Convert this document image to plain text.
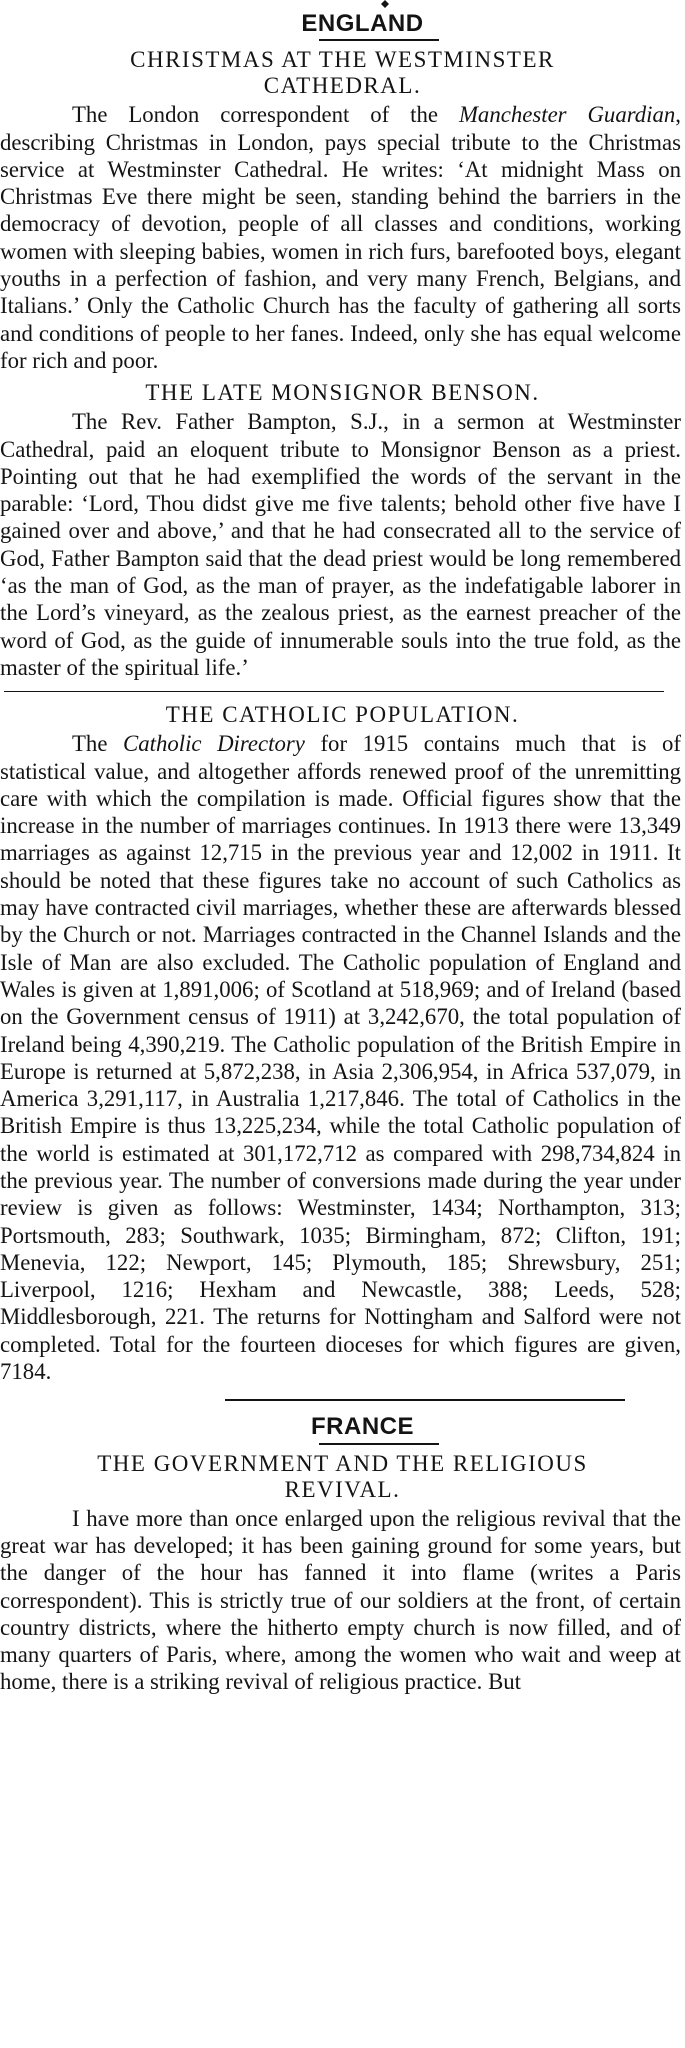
ENGLAND
CHRISTMAS AT THE WESTMINSTER
CATHEDRAL.

The London correspondent of the Manchester Guardian, describing Christmas in London, pays special tribute to the Christmas service at Westminster Cathedral. He writes: ‘At midnight Mass on Christmas Eve there might be seen, standing behind the barriers in the democracy of devotion, people of all classes and conditions, working women with sleeping babies, women in rich furs, barefooted boys, elegant youths in a perfection of fashion, and very many French, Belgians, and Italians.’ Only the Catholic Church has the faculty of gathering all sorts and conditions of people to her fanes. Indeed, only she has equal welcome for rich and poor.

THE LATE MONSIGNOR BENSON.

The Rev. Father Bampton, S.J., in a sermon at Westminster Cathedral, paid an eloquent tribute to Monsignor Benson as a priest. Pointing out that he had exemplified the words of the servant in the parable: ‘Lord, Thou didst give me five talents; behold other five have I gained over and above,’ and that he had consecrated all to the service of God, Father Bampton said that the dead priest would be long remembered ‘as the man of God, as the man of prayer, as the indefatigable laborer in the Lord’s vineyard, as the zealous priest, as the earnest preacher of the word of God, as the guide of innumerable souls into the true fold, as the master of the spiritual life.’

THE CATHOLIC POPULATION.

The Catholic Directory for 1915 contains much that is of statistical value, and altogether affords renewed proof of the unremitting care with which the compilation is made. Official figures show that the increase in the number of marriages continues. In 1913 there were 13,349 marriages as against 12,715 in the previous year and 12,002 in 1911. It should be noted that these figures take no account of such Catholics as may have contracted civil marriages, whether these are afterwards blessed by the Church or not. Marriages contracted in the Channel Islands and the Isle of Man are also excluded. The Catholic population of England and Wales is given at 1,891,006; of Scotland at 518,969; and of Ireland (based on the Government census of 1911) at 3,242,670, the total population of Ireland being 4,390,219. The Catholic population of the British Empire in Europe is returned at 5,872,238, in Asia 2,306,954, in Africa 537,079, in America 3,291,117, in Australia 1,217,846. The total of Catholics in the British Empire is thus 13,225,234, while the total Catholic population of the world is estimated at 301,172,712 as compared with 298,734,824 in the previous year. The number of conversions made during the year under review is given as follows: Westminster, 1434; Northampton, 313; Portsmouth, 283; Southwark, 1035; Birmingham, 872; Clifton, 191; Menevia, 122; Newport, 145; Plymouth, 185; Shrewsbury, 251; Liverpool, 1216; Hexham and Newcastle, 388; Leeds, 528; Middlesborough, 221. The returns for Nottingham and Salford were not completed. Total for the fourteen dioceses for which figures are given, 7184.

FRANCE
THE GOVERNMENT AND THE RELIGIOUS
REVIVAL.

I have more than once enlarged upon the religious revival that the great war has developed; it has been gaining ground for some years, but the danger of the hour has fanned it into flame (writes a Paris correspondent). This is strictly true of our soldiers at the front, of certain country districts, where the hitherto empty church is now filled, and of many quarters of Paris, where, among the women who wait and weep at home, there is a striking revival of religious practice. But
